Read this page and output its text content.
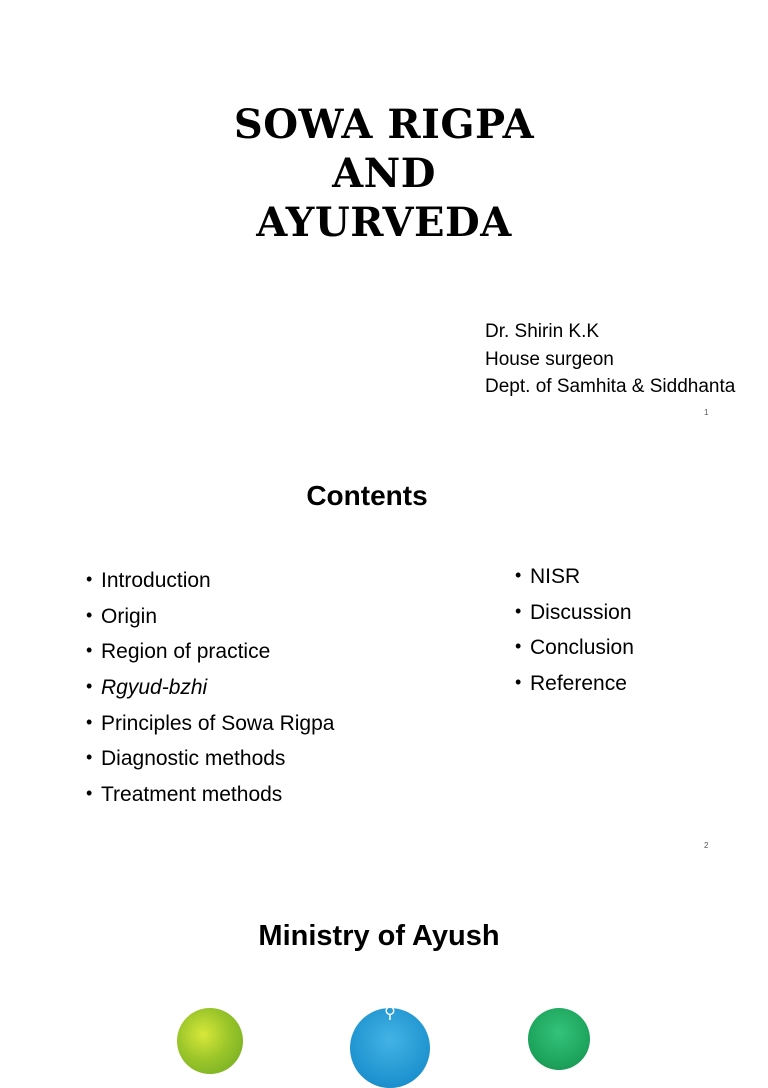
SOWA RIGPA
AND
AYURVEDA
Dr. Shirin K.K
House surgeon
Dept. of Samhita & Siddhanta
1
Contents
• Introduction
• Origin
• Region of practice
• Rgyud-bzhi
• Principles of Sowa Rigpa
• Diagnostic methods
• Treatment methods
• NISR
• Discussion
• Conclusion
• Reference
2
Ministry of Ayush
⚲
